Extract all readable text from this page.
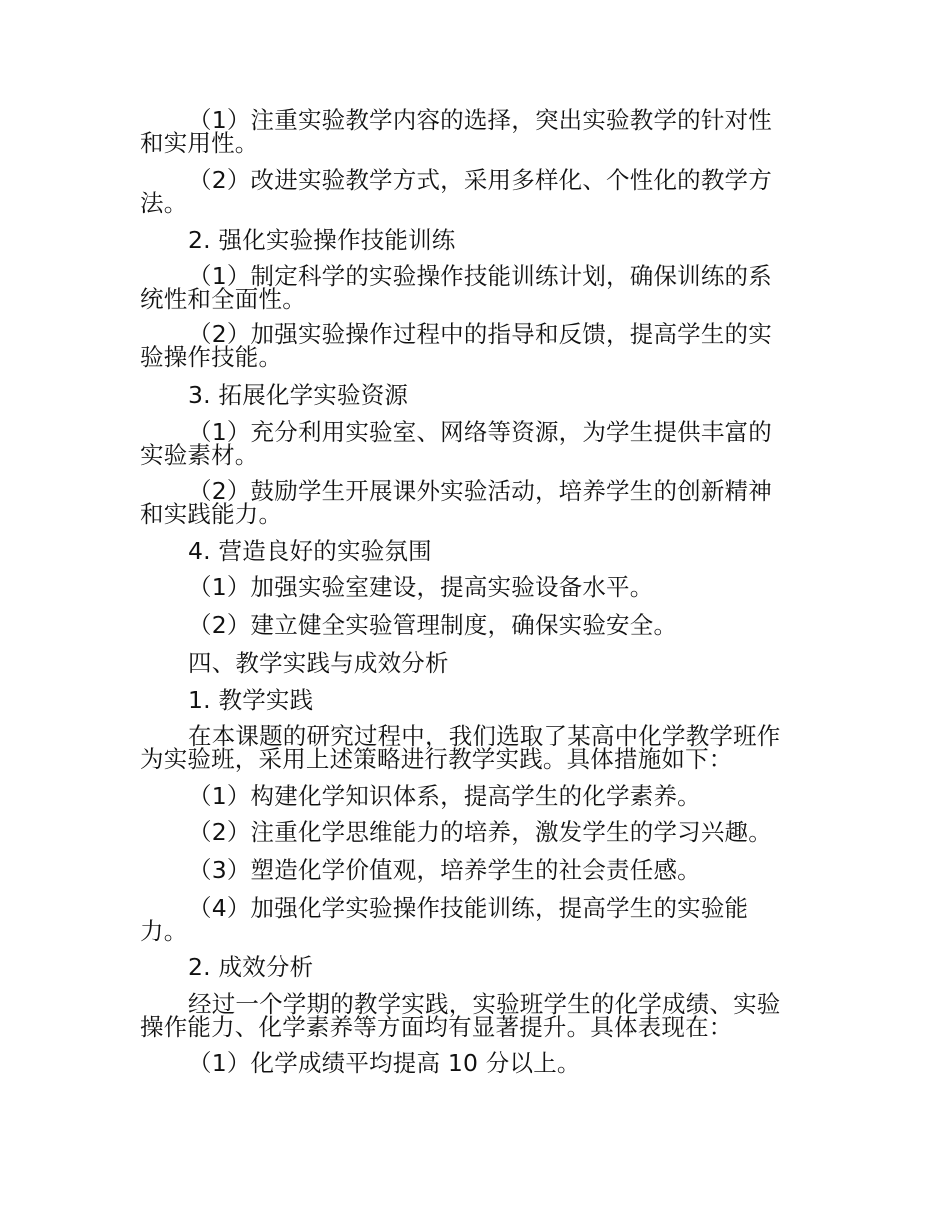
（1）注重实验教学内容的选择，突出实验教学的针对性
和实用性。
（2）改进实验教学方式，采用多样化、个性化的教学方
法。
2. 强化实验操作技能训练
（1）制定科学的实验操作技能训练计划，确保训练的系
统性和全面性。
（2）加强实验操作过程中的指导和反馈，提高学生的实
验操作技能。
3. 拓展化学实验资源
（1）充分利用实验室、网络等资源，为学生提供丰富的
实验素材。
（2）鼓励学生开展课外实验活动，培养学生的创新精神
和实践能力。
4. 营造良好的实验氛围
（1）加强实验室建设，提高实验设备水平。
（2）建立健全实验管理制度，确保实验安全。
四、教学实践与成效分析
1. 教学实践
在本课题的研究过程中，我们选取了某高中化学教学班作
为实验班，采用上述策略进行教学实践。具体措施如下：
（1）构建化学知识体系，提高学生的化学素养。
（2）注重化学思维能力的培养，激发学生的学习兴趣。
（3）塑造化学价值观，培养学生的社会责任感。
（4）加强化学实验操作技能训练，提高学生的实验能
力。
2. 成效分析
经过一个学期的教学实践，实验班学生的化学成绩、实验
操作能力、化学素养等方面均有显著提升。具体表现在：
（1）化学成绩平均提高 10 分以上。
